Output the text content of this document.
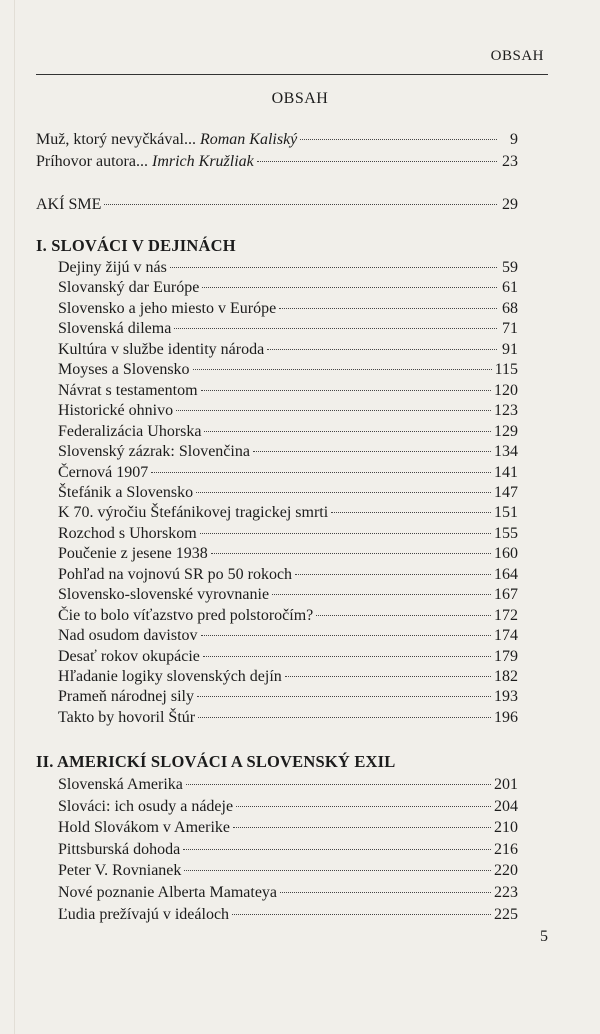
OBSAH
OBSAH
Muž, ktorý nevyčkával... Roman Kaliský	9
Príhovor autora... Imrich Kružliak	23
AKÍ SME	29
I. SLOVÁCI V DEJINÁCH
Dejiny žijú v nás	59
Slovanský dar Európe	61
Slovensko a jeho miesto v Európe	68
Slovenská dilema	71
Kultúra v službe identity národa	91
Moyses a Slovensko	115
Návrat s testamentom	120
Historické ohnivo	123
Federalizácia Uhorska	129
Slovenský zázrak: Slovenčina	134
Černová 1907	141
Štefánik a Slovensko	147
K 70. výročiu Štefánikovej tragickej smrti	151
Rozchod s Uhorskom	155
Poučenie z jesene 1938	160
Pohľad na vojnovú SR po 50 rokoch	164
Slovensko-slovenské vyrovnanie	167
Čie to bolo víťazstvo pred polstoročím?	172
Nad osudom davistov	174
Desať rokov okupácie	179
Hľadanie logiky slovenských dejín	182
Prameň národnej sily	193
Takto by hovoril Štúr	196
II. AMERICKÍ SLOVÁCI A SLOVENSKÝ EXIL
Slovenská Amerika	201
Slováci: ich osudy a nádeje	204
Hold Slovákom v Amerike	210
Pittsburská dohoda	216
Peter V. Rovnianek	220
Nové poznanie Alberta Mamateya	223
Ľudia prežívajú v ideáloch	225
5
